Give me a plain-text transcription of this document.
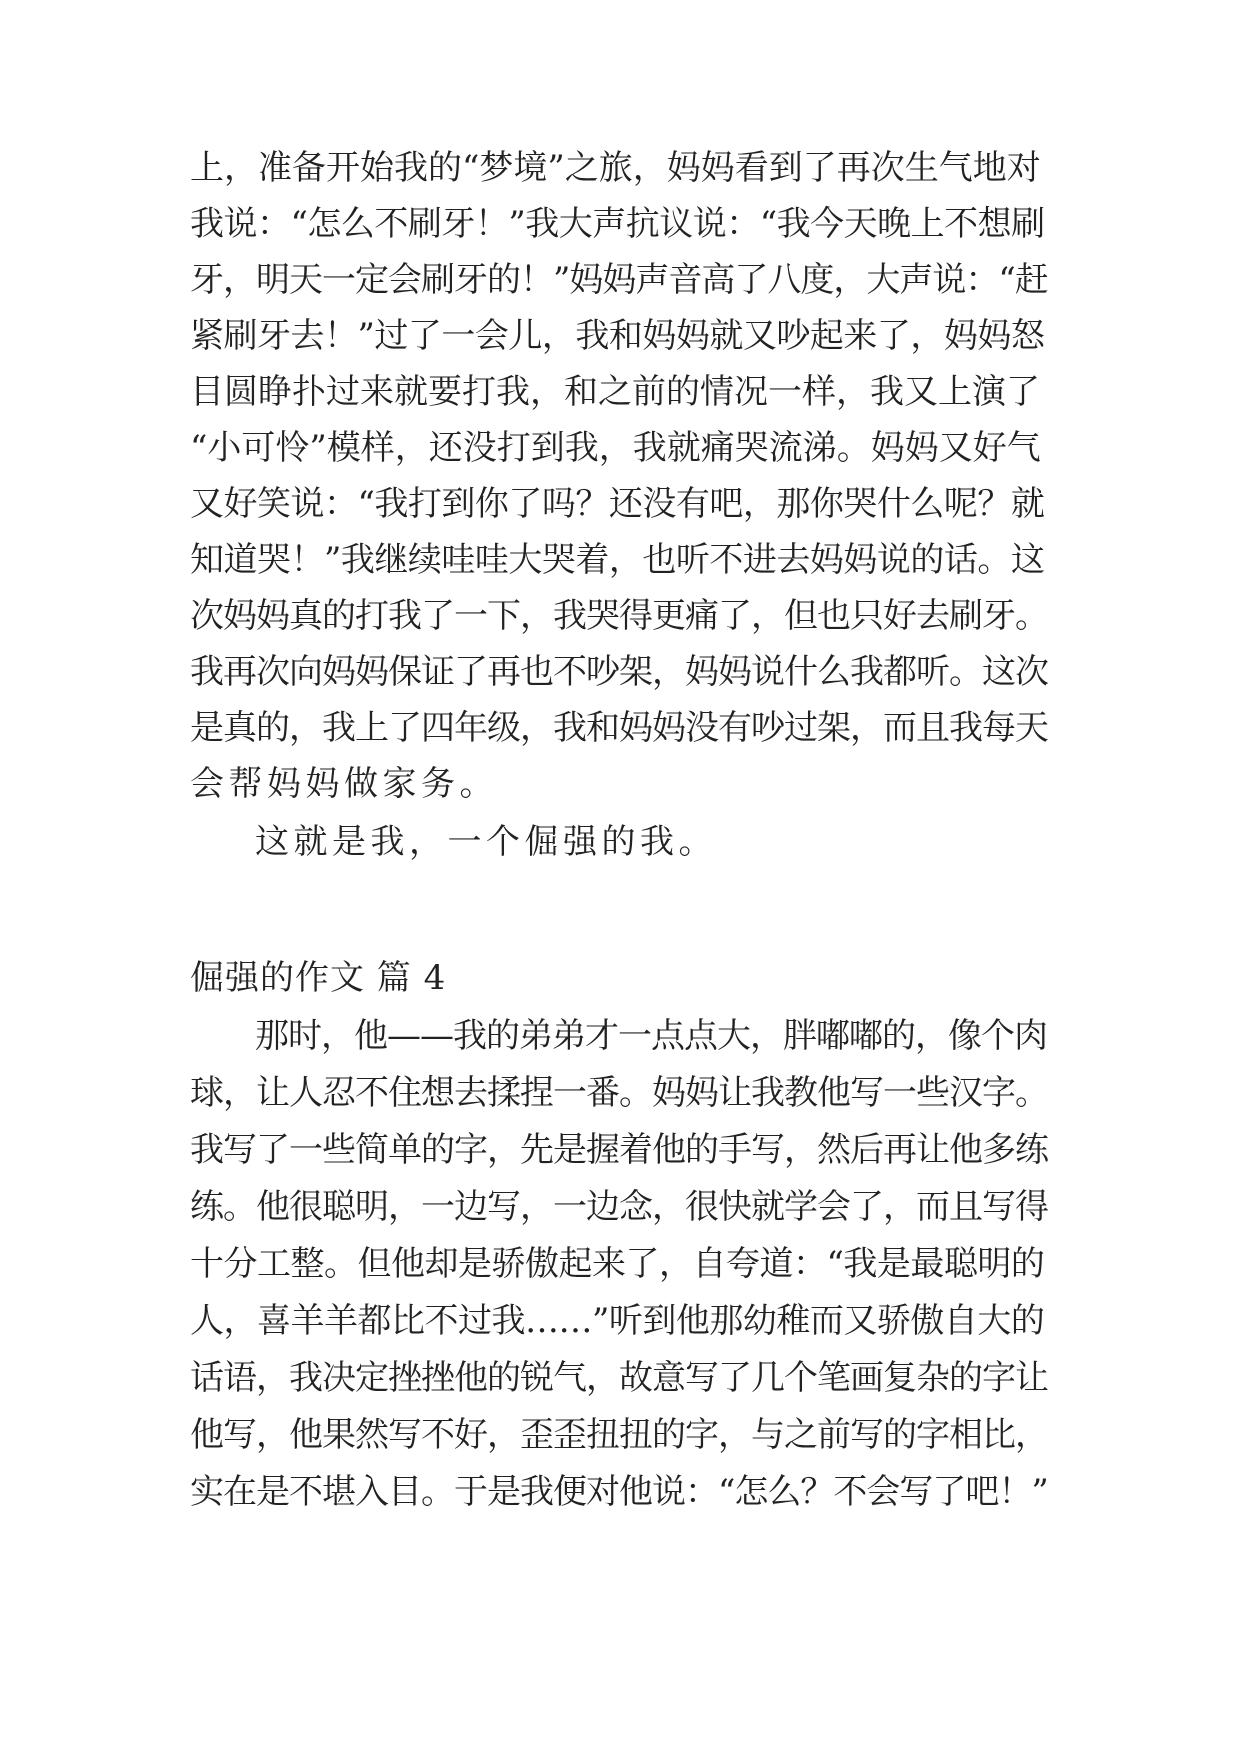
上，准备开始我的“梦境”之旅，妈妈看到了再次生气地对
我说：“怎么不刷牙！”我大声抗议说：“我今天晚上不想刷
牙，明天一定会刷牙的！”妈妈声音高了八度，大声说：“赶
紧刷牙去！”过了一会儿，我和妈妈就又吵起来了，妈妈怒
目圆睁扑过来就要打我，和之前的情况一样，我又上演了
“小可怜”模样，还没打到我，我就痛哭流涕。妈妈又好气
又好笑说：“我打到你了吗？还没有吧，那你哭什么呢？就
知道哭！”我继续哇哇大哭着，也听不进去妈妈说的话。这
次妈妈真的打我了一下，我哭得更痛了，但也只好去刷牙。
我再次向妈妈保证了再也不吵架，妈妈说什么我都听。这次
是真的，我上了四年级，我和妈妈没有吵过架，而且我每天
会帮妈妈做家务。
这就是我，一个倔强的我。
倔强的作文 篇 4
那时，他——我的弟弟才一点点大，胖嘟嘟的，像个肉
球，让人忍不住想去揉捏一番。妈妈让我教他写一些汉字。
我写了一些简单的字，先是握着他的手写，然后再让他多练
练。他很聪明，一边写，一边念，很快就学会了，而且写得
十分工整。但他却是骄傲起来了，自夸道：“我是最聪明的
人，喜羊羊都比不过我……”听到他那幼稚而又骄傲自大的
话语，我决定挫挫他的锐气，故意写了几个笔画复杂的字让
他写，他果然写不好，歪歪扭扭的字，与之前写的字相比，
实在是不堪入目。于是我便对他说：“怎么？不会写了吧！”
